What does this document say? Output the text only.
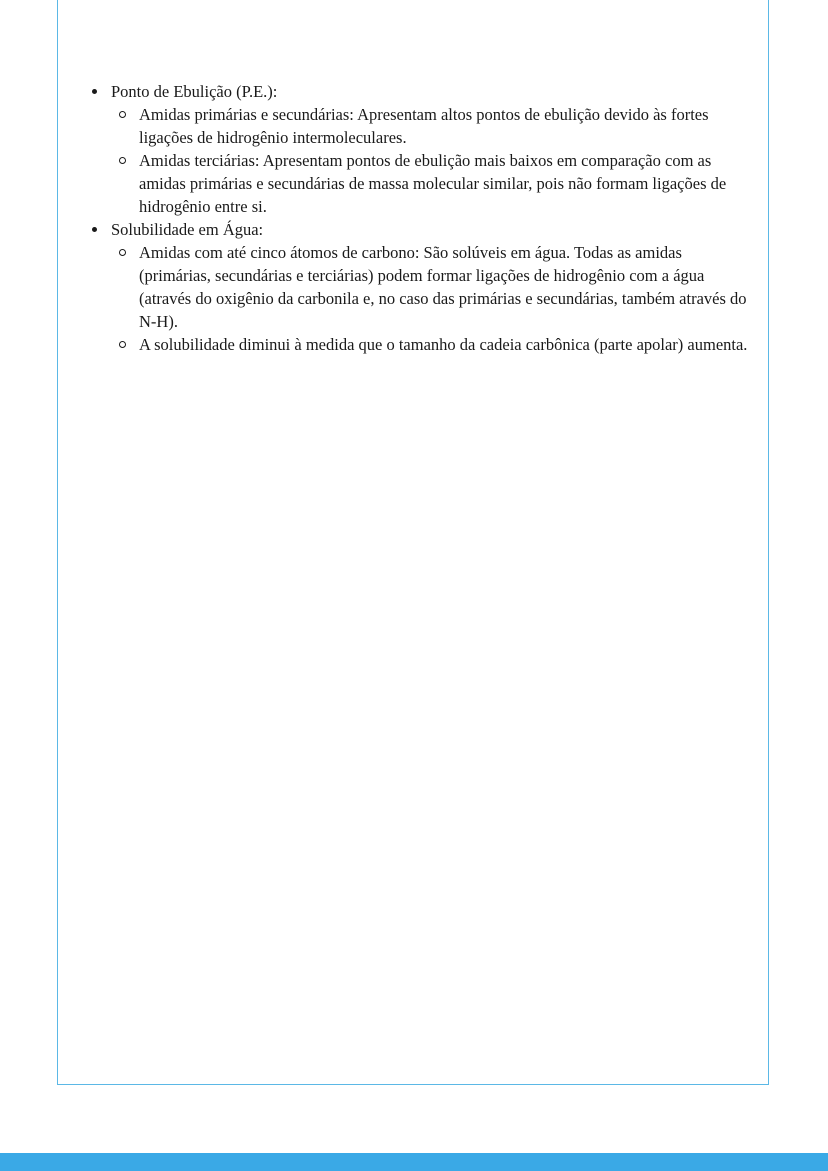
Ponto de Ebulição (P.E.):
Amidas primárias e secundárias: Apresentam altos pontos de ebulição devido às fortes ligações de hidrogênio intermoleculares.
Amidas terciárias: Apresentam pontos de ebulição mais baixos em comparação com as amidas primárias e secundárias de massa molecular similar, pois não formam ligações de hidrogênio entre si.
Solubilidade em Água:
Amidas com até cinco átomos de carbono: São solúveis em água. Todas as amidas (primárias, secundárias e terciárias) podem formar ligações de hidrogênio com a água (através do oxigênio da carbonila e, no caso das primárias e secundárias, também através do N-H).
A solubilidade diminui à medida que o tamanho da cadeia carbônica (parte apolar) aumenta.
